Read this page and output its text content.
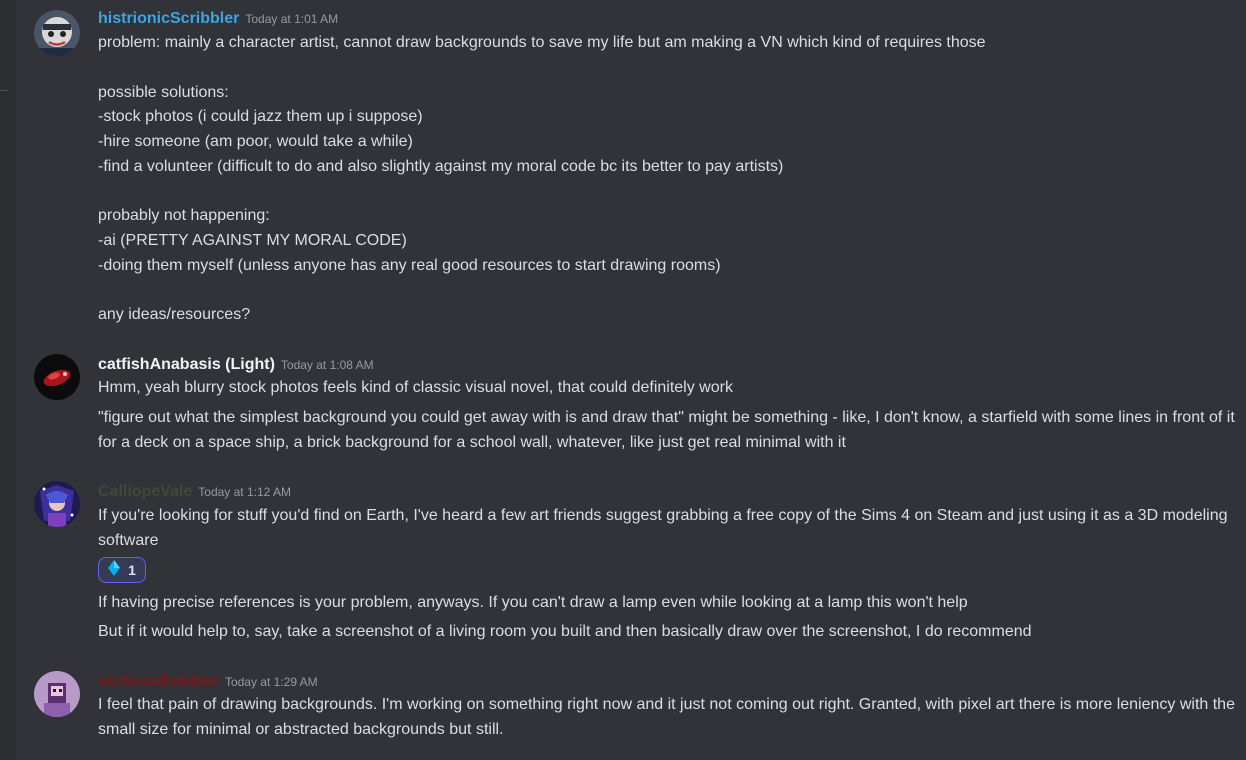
histrionicScribbler Today at 1:01 AM
problem: mainly a character artist, cannot draw backgrounds to save my life but am making a VN which kind of requires those
possible solutions:
-stock photos (i could jazz them up i suppose)
-hire someone (am poor, would take a while)
-find a volunteer (difficult to do and also slightly against my moral code bc its better to pay artists)
probably not happening:
-ai (PRETTY AGAINST MY MORAL CODE)
-doing them myself (unless anyone has any real good resources to start drawing rooms)
any ideas/resources?
catfishAnabasis (Light) Today at 1:08 AM
Hmm, yeah blurry stock photos feels kind of classic visual novel, that could definitely work
"figure out what the simplest background you could get away with is and draw that" might be something - like, I don't know, a starfield with some lines in front of it for a deck on a space ship, a brick background for a school wall, whatever, like just get real minimal with it
CalliopeVale Today at 1:12 AM
If you're looking for stuff you'd find on Earth, I've heard a few art friends suggest grabbing a free copy of the Sims 4 on Steam and just using it as a 3D modeling software
1
If having precise references is your problem, anyways. If you can't draw a lamp even while looking at a lamp this won't help
But if it would help to, say, take a screenshot of a living room you built and then basically draw over the screenshot, I do recommend
verboseBabbler Today at 1:29 AM
I feel that pain of drawing backgrounds. I'm working on something right now and it just not coming out right. Granted, with pixel art there is more leniency with the small size for minimal or abstracted backgrounds but still.
